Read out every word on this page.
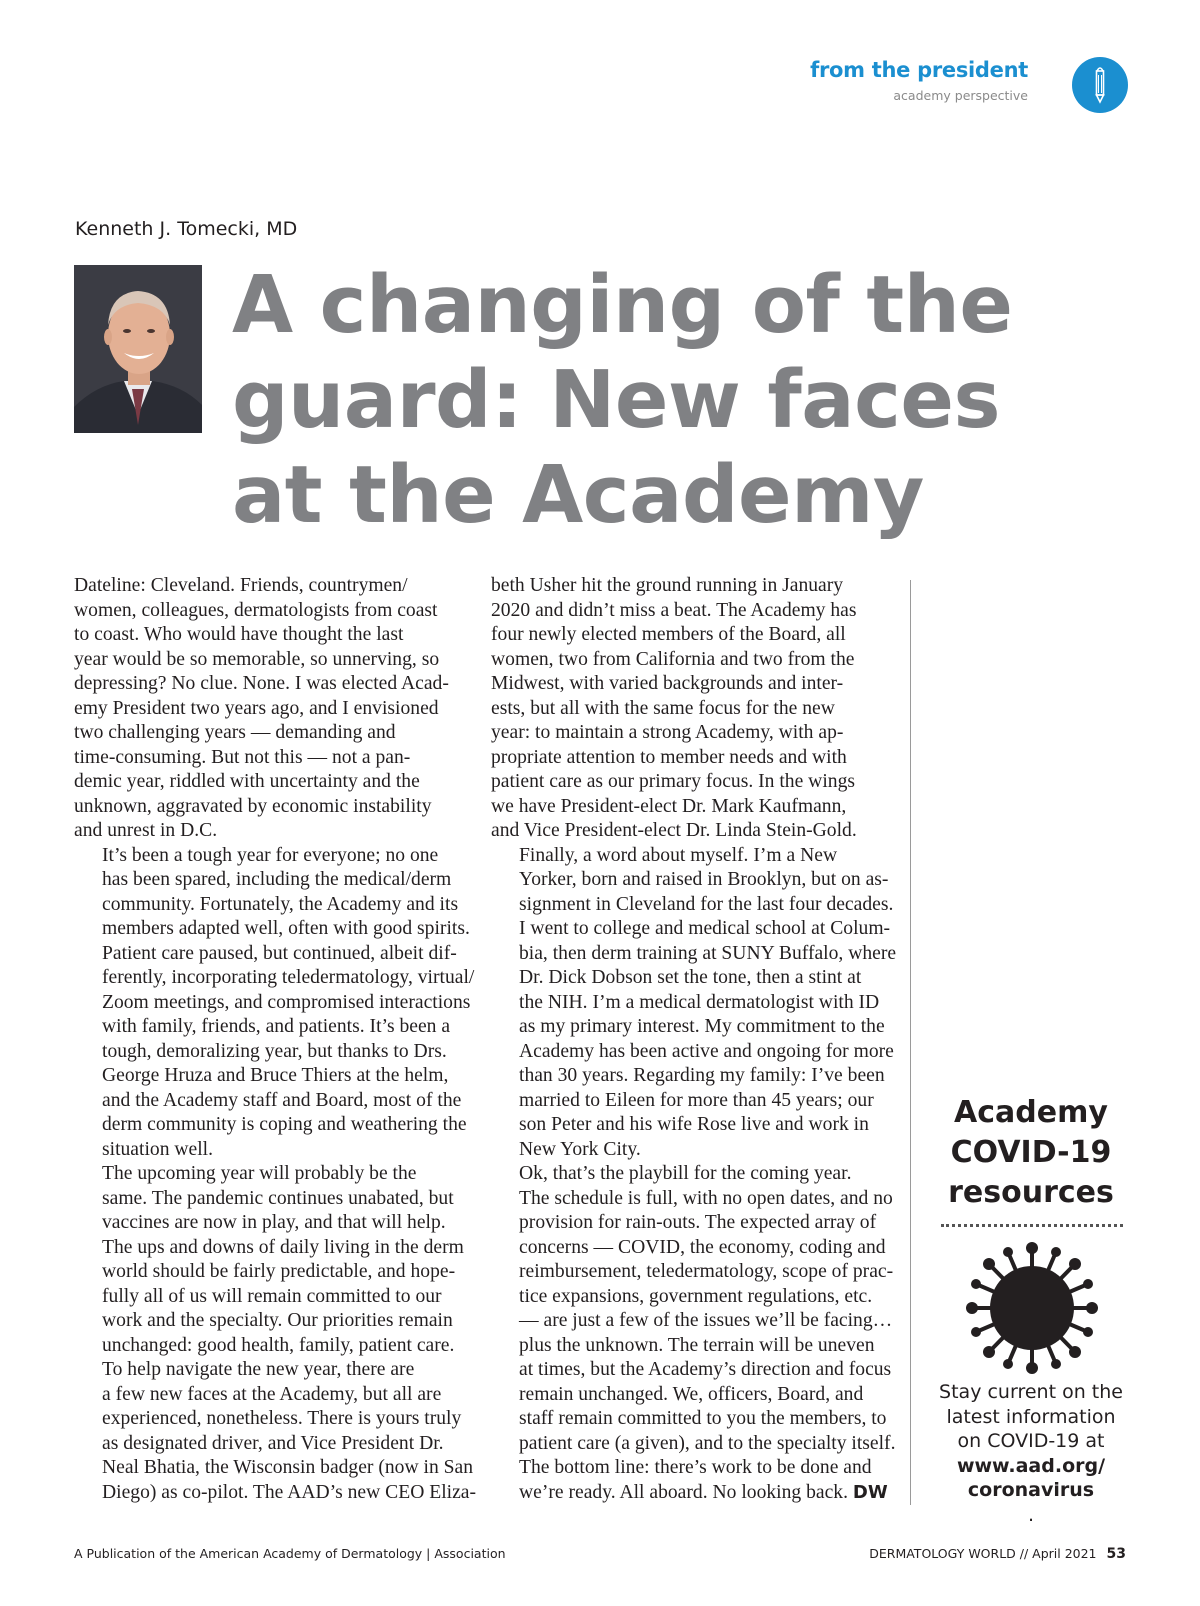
from the president
academy perspective
Kenneth J. Tomecki, MD
A changing of the
guard: New faces
at the Academy

Dateline: Cleveland. Friends, countrymen/
women, colleagues, dermatologists from coast
to coast. Who would have thought the last
year would be so memorable, so unnerving, so
depressing? No clue. None. I was elected Acad-
emy President two years ago, and I envisioned
two challenging years — demanding and
time-consuming. But not this — not a pan-
demic year, riddled with uncertainty and the
unknown, aggravated by economic instability
and unrest in D.C.

It’s been a tough year for everyone; no one
has been spared, including the medical/derm
community. Fortunately, the Academy and its
members adapted well, often with good spirits.
Patient care paused, but continued, albeit dif-
ferently, incorporating teledermatology, virtual/
Zoom meetings, and compromised interactions
with family, friends, and patients. It’s been a
tough, demoralizing year, but thanks to Drs.
George Hruza and Bruce Thiers at the helm,
and the Academy staff and Board, most of the
derm community is coping and weathering the
situation well.

The upcoming year will probably be the
same. The pandemic continues unabated, but
vaccines are now in play, and that will help.
The ups and downs of daily living in the derm
world should be fairly predictable, and hope-
fully all of us will remain committed to our
work and the specialty. Our priorities remain
unchanged: good health, family, patient care.

To help navigate the new year, there are
a few new faces at the Academy, but all are
experienced, nonetheless. There is yours truly
as designated driver, and Vice President Dr.
Neal Bhatia, the Wisconsin badger (now in San
Diego) as co-pilot. The AAD’s new CEO Eliza-

beth Usher hit the ground running in January
2020 and didn’t miss a beat. The Academy has
four newly elected members of the Board, all
women, two from California and two from the
Midwest, with varied backgrounds and inter-
ests, but all with the same focus for the new
year: to maintain a strong Academy, with ap-
propriate attention to member needs and with
patient care as our primary focus. In the wings
we have President-elect Dr. Mark Kaufmann,
and Vice President-elect Dr. Linda Stein-Gold.

Finally, a word about myself. I’m a New
Yorker, born and raised in Brooklyn, but on as-
signment in Cleveland for the last four decades.
I went to college and medical school at Colum-
bia, then derm training at SUNY Buffalo, where
Dr. Dick Dobson set the tone, then a stint at
the NIH. I’m a medical dermatologist with ID
as my primary interest. My commitment to the
Academy has been active and ongoing for more
than 30 years. Regarding my family: I’ve been
married to Eileen for more than 45 years; our
son Peter and his wife Rose live and work in
New York City.

Ok, that’s the playbill for the coming year.
The schedule is full, with no open dates, and no
provision for rain-outs. The expected array of
concerns — COVID, the economy, coding and
reimbursement, teledermatology, scope of prac-
tice expansions, government regulations, etc.
— are just a few of the issues we’ll be facing…
plus the unknown. The terrain will be uneven
at times, but the Academy’s direction and focus
remain unchanged. We, officers, Board, and
staff remain committed to you the members, to
patient care (a given), and to the specialty itself.
The bottom line: there’s work to be done and
we’re ready. All aboard. No looking back. DW

Academy
COVID-19
resources
Stay current on the
latest information
on COVID-19 at
www.aad.org/
coronavirus
.
A Publication of the American Academy of Dermatology | Association	DERMATOLOGY WORLD // April 2021 53
